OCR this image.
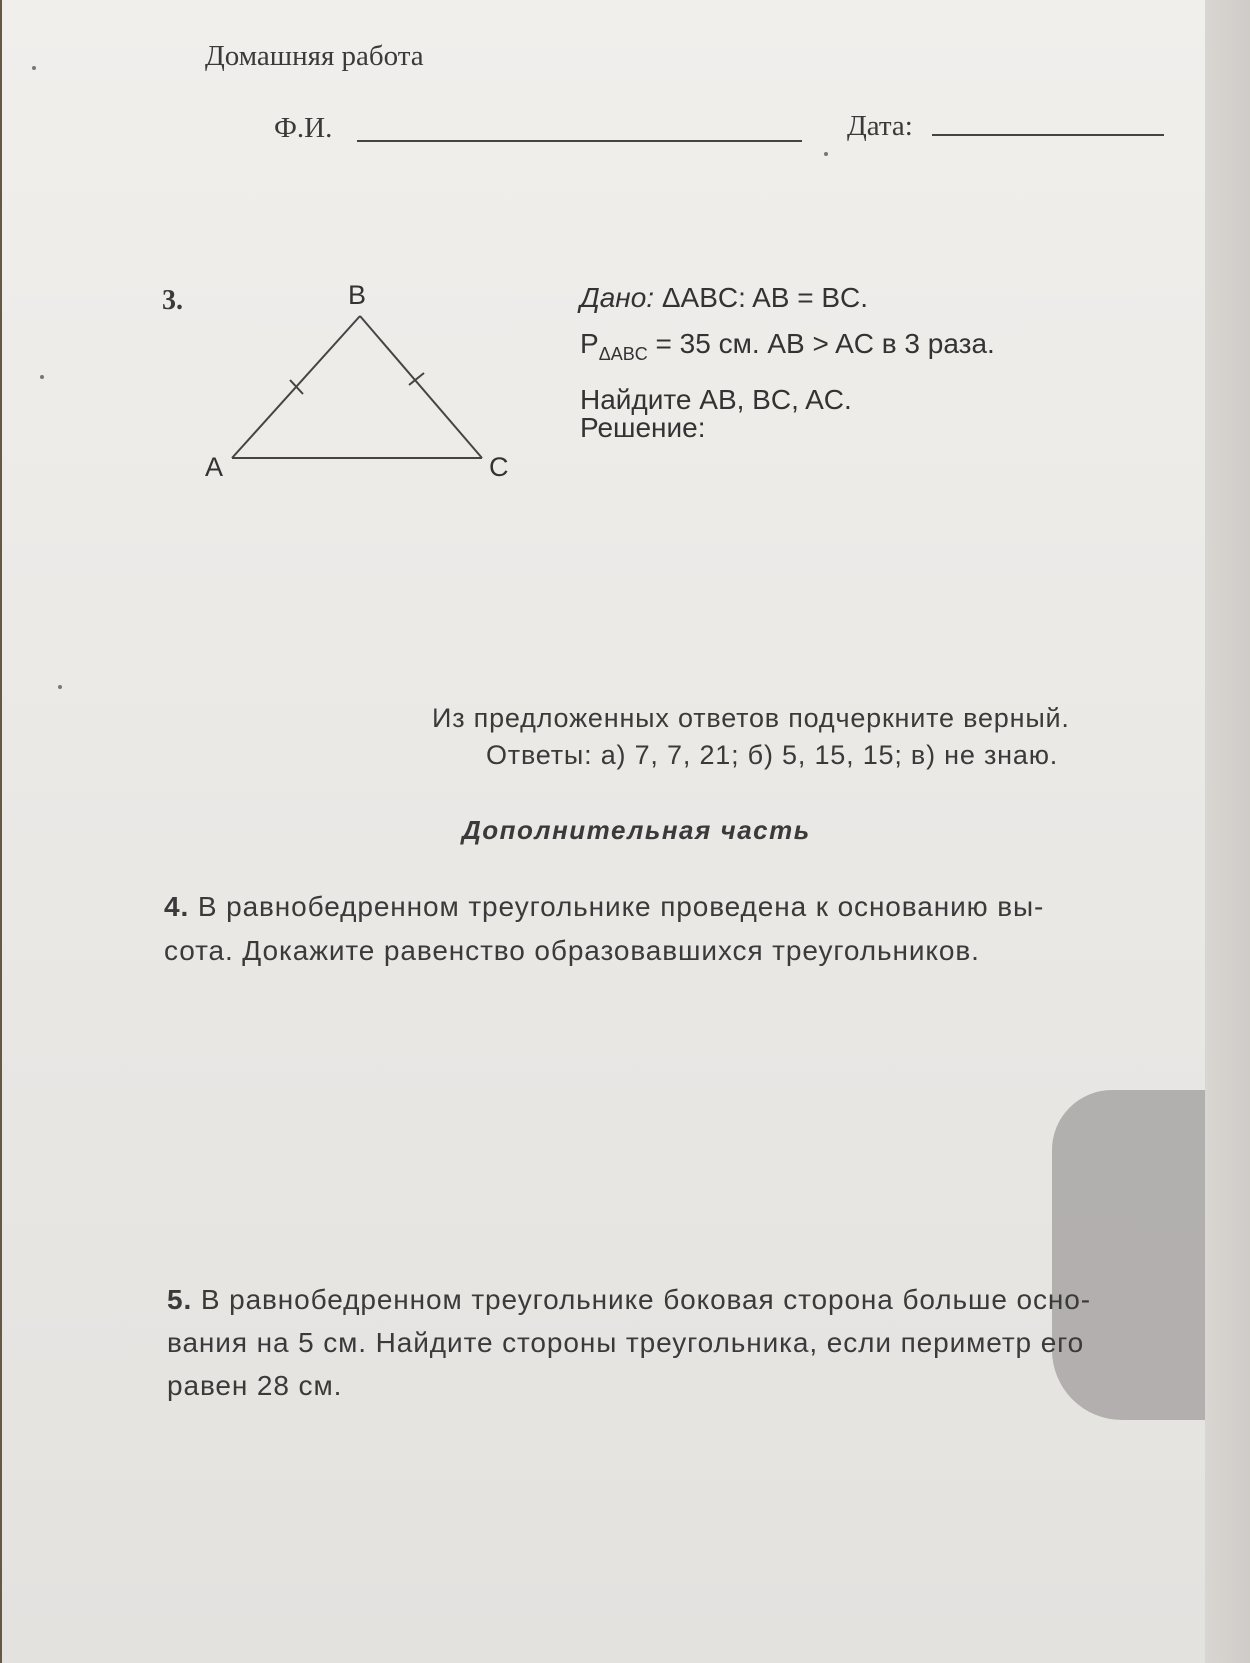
Домашняя работа
Ф.И.	Дата:
3.	B
A	C
Дано: ΔABC: AB = BC.
$P_{\Delta ABC} = 35$ см. AB > AC в 3 раза.
Найдите AB, BC, AC.
Решение:
Из предложенных ответов подчеркните верный.
Ответы: а) 7, 7, 21; б) 5, 15, 15; в) не знаю.
Дополнительная часть
4. В равнобедренном треугольнике проведена к основанию вы-
сота. Докажите равенство образовавшихся треугольников.
5. В равнобедренном треугольнике боковая сторона больше осно-
вания на 5 см. Найдите стороны треугольника, если периметр его
равен 28 см.
